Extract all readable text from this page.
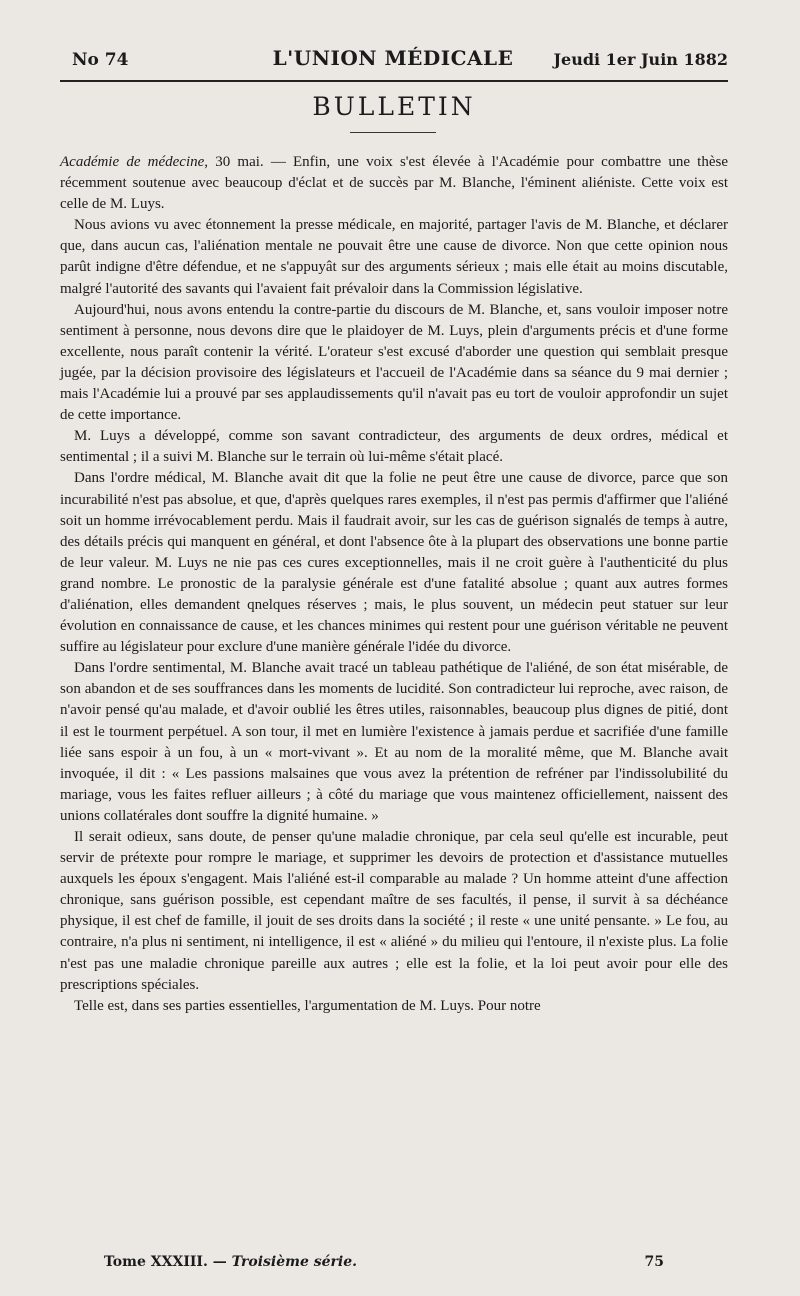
No 74	L'UNION MÉDICALE	Jeudi 1er Juin 1882
BULLETIN

Académie de médecine, 30 mai. — Enfin, une voix s'est élevée à l'Académie pour combattre une thèse récemment soutenue avec beaucoup d'éclat et de succès par M. Blanche, l'éminent aliéniste. Cette voix est celle de M. Luys.

Nous avions vu avec étonnement la presse médicale, en majorité, partager l'avis de M. Blanche, et déclarer que, dans aucun cas, l'aliénation mentale ne pouvait être une cause de divorce. Non que cette opinion nous parût indigne d'être défendue, et ne s'appuyât sur des arguments sérieux ; mais elle était au moins discutable, malgré l'autorité des savants qui l'avaient fait prévaloir dans la Commission législative.

Aujourd'hui, nous avons entendu la contre-partie du discours de M. Blanche, et, sans vouloir imposer notre sentiment à personne, nous devons dire que le plaidoyer de M. Luys, plein d'arguments précis et d'une forme excellente, nous paraît contenir la vérité. L'orateur s'est excusé d'aborder une question qui semblait presque jugée, par la décision provisoire des législateurs et l'accueil de l'Académie dans sa séance du 9 mai dernier ; mais l'Académie lui a prouvé par ses applaudissements qu'il n'avait pas eu tort de vouloir approfondir un sujet de cette importance.

M. Luys a développé, comme son savant contradicteur, des arguments de deux ordres, médical et sentimental ; il a suivi M. Blanche sur le terrain où lui-même s'était placé.

Dans l'ordre médical, M. Blanche avait dit que la folie ne peut être une cause de divorce, parce que son incurabilité n'est pas absolue, et que, d'après quelques rares exemples, il n'est pas permis d'affirmer que l'aliéné soit un homme irrévocablement perdu. Mais il faudrait avoir, sur les cas de guérison signalés de temps à autre, des détails précis qui manquent en général, et dont l'absence ôte à la plupart des observations une bonne partie de leur valeur. M. Luys ne nie pas ces cures exceptionnelles, mais il ne croit guère à l'authenticité du plus grand nombre. Le pronostic de la paralysie générale est d'une fatalité absolue ; quant aux autres formes d'aliénation, elles demandent qnelques réserves ; mais, le plus souvent, un médecin peut statuer sur leur évolution en connaissance de cause, et les chances minimes qui restent pour une guérison véritable ne peuvent suffire au législateur pour exclure d'une manière générale l'idée du divorce.

Dans l'ordre sentimental, M. Blanche avait tracé un tableau pathétique de l'aliéné, de son état misérable, de son abandon et de ses souffrances dans les moments de lucidité. Son contradicteur lui reproche, avec raison, de n'avoir pensé qu'au malade, et d'avoir oublié les êtres utiles, raisonnables, beaucoup plus dignes de pitié, dont il est le tourment perpétuel. A son tour, il met en lumière l'existence à jamais perdue et sacrifiée d'une famille liée sans espoir à un fou, à un « mort-vivant ». Et au nom de la moralité même, que M. Blanche avait invoquée, il dit : « Les passions malsaines que vous avez la prétention de refréner par l'indissolubilité du mariage, vous les faites refluer ailleurs ; à côté du mariage que vous maintenez officiellement, naissent des unions collatérales dont souffre la dignité humaine. »

Il serait odieux, sans doute, de penser qu'une maladie chronique, par cela seul qu'elle est incurable, peut servir de prétexte pour rompre le mariage, et supprimer les devoirs de protection et d'assistance mutuelles auxquels les époux s'engagent. Mais l'aliéné est-il comparable au malade ? Un homme atteint d'une affection chronique, sans guérison possible, est cependant maître de ses facultés, il pense, il survit à sa déchéance physique, il est chef de famille, il jouit de ses droits dans la société ; il reste « une unité pensante. » Le fou, au contraire, n'a plus ni sentiment, ni intelligence, il est « aliéné » du milieu qui l'entoure, il n'existe plus. La folie n'est pas une maladie chronique pareille aux autres ; elle est la folie, et la loi peut avoir pour elle des prescriptions spéciales.

Telle est, dans ses parties essentielles, l'argumentation de M. Luys. Pour notre

Tome XXXIII. — Troisième série.	75
